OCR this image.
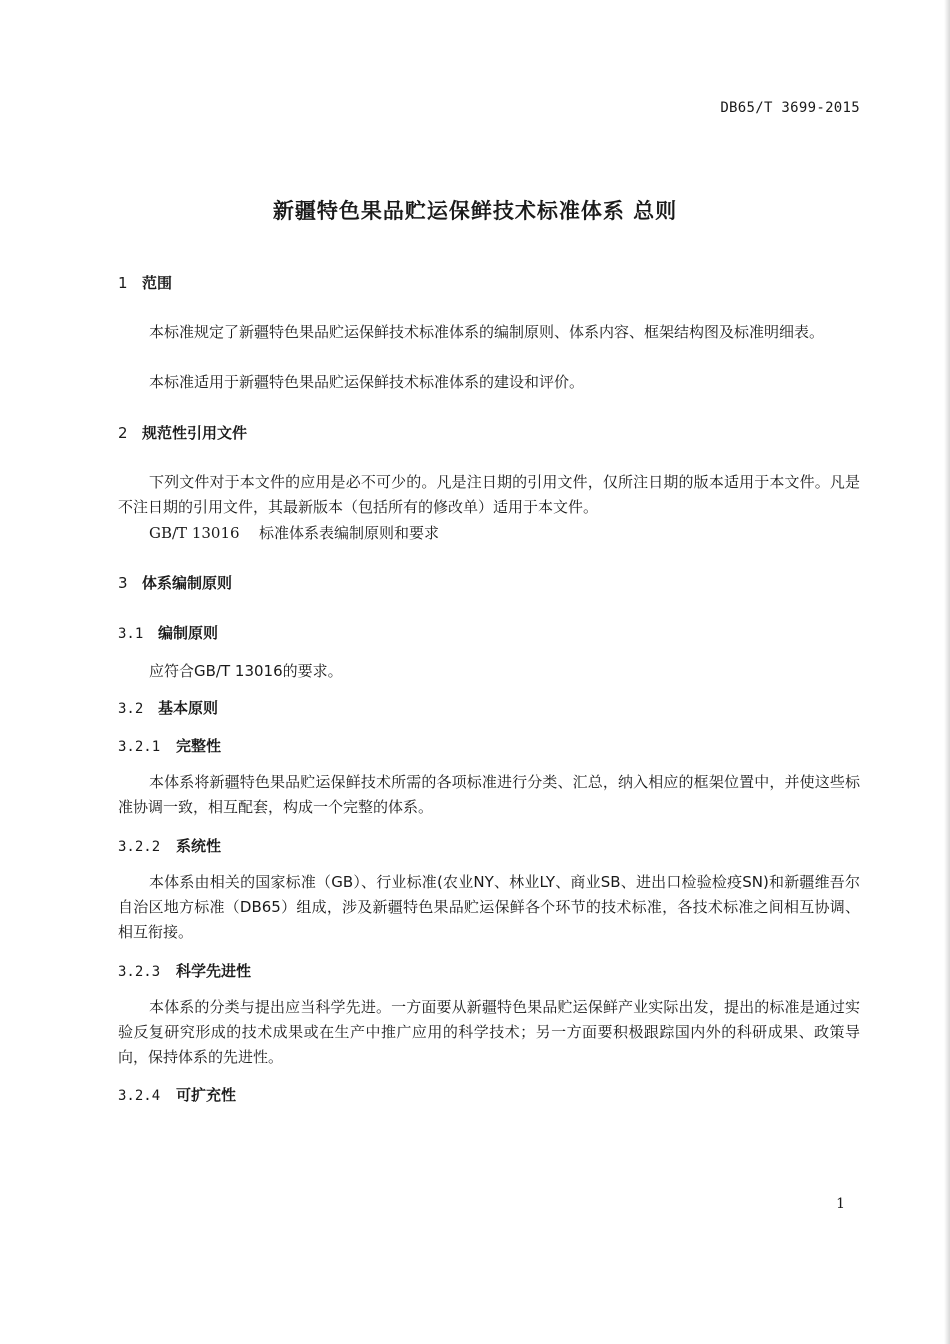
DB65/T 3699-2015
新疆特色果品贮运保鲜技术标准体系 总则
1 范围
本标准规定了新疆特色果品贮运保鲜技术标准体系的编制原则、体系内容、框架结构图及标准明细表。
本标准适用于新疆特色果品贮运保鲜技术标准体系的建设和评价。
2 规范性引用文件
下列文件对于本文件的应用是必不可少的。凡是注日期的引用文件，仅所注日期的版本适用于本文件。凡是不注日期的引用文件，其最新版本（包括所有的修改单）适用于本文件。
GB/T 13016 标准体系表编制原则和要求
3 体系编制原则
3.1 编制原则
应符合GB/T 13016的要求。
3.2 基本原则
3.2.1 完整性
本体系将新疆特色果品贮运保鲜技术所需的各项标准进行分类、汇总，纳入相应的框架位置中，并使这些标准协调一致，相互配套，构成一个完整的体系。
3.2.2 系统性
本体系由相关的国家标准（GB）、行业标准(农业NY、林业LY、商业SB、进出口检验检疫SN)和新疆维吾尔自治区地方标准（DB65）组成，涉及新疆特色果品贮运保鲜各个环节的技术标准，各技术标准之间相互协调、相互衔接。
3.2.3 科学先进性
本体系的分类与提出应当科学先进。一方面要从新疆特色果品贮运保鲜产业实际出发，提出的标准是通过实验反复研究形成的技术成果或在生产中推广应用的科学技术；另一方面要积极跟踪国内外的科研成果、政策导向，保持体系的先进性。
3.2.4 可扩充性
1
